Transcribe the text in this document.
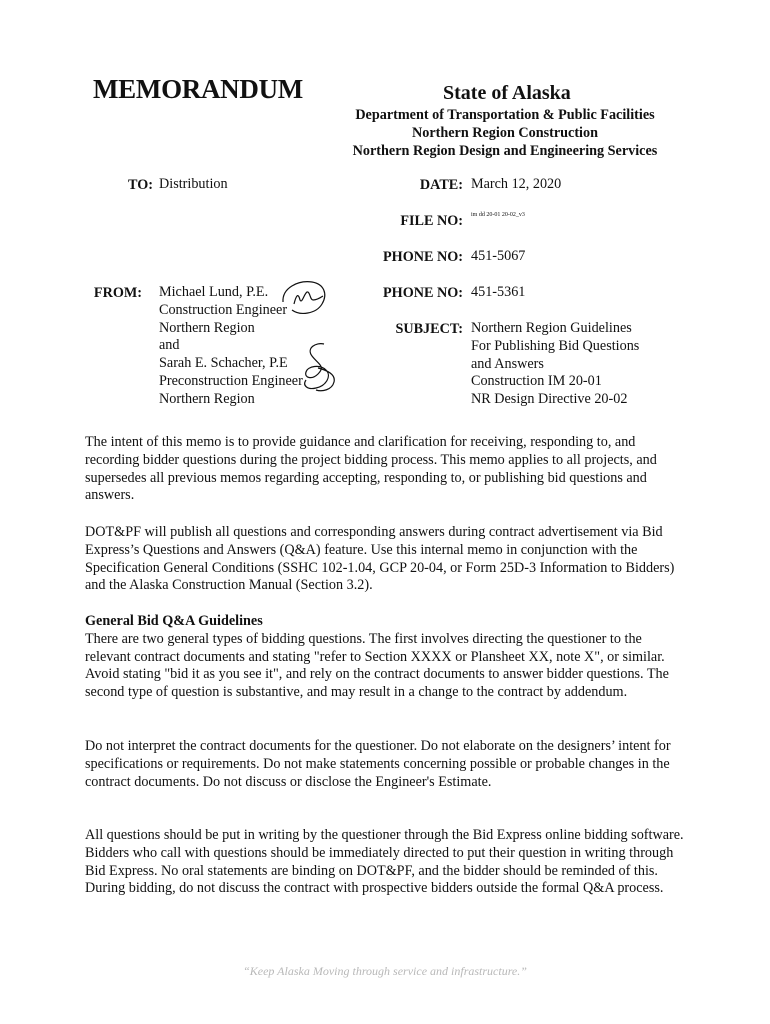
MEMORANDUM	State of Alaska
Department of Transportation & Public Facilities
Northern Region Construction
Northern Region Design and Engineering Services
TO: Distribution	DATE: March 12, 2020
FILE NO: im dd 20-01 20-02_v3
PHONE NO: 451-5067
FROM: Michael Lund, P.E.
Construction Engineer
Northern Region
and
Sarah E. Schacher, P.E
Preconstruction Engineer
Northern Region
PHONE NO: 451-5361
SUBJECT: Northern Region Guidelines
For Publishing Bid Questions
and Answers
Construction IM 20-01
NR Design Directive 20-02

The intent of this memo is to provide guidance and clarification for receiving, responding to, and recording bidder questions during the project bidding process. This memo applies to all projects, and supersedes all previous memos regarding accepting, responding to, or publishing bid questions and answers.

DOT&PF will publish all questions and corresponding answers during contract advertisement via Bid Express’s Questions and Answers (Q&A) feature. Use this internal memo in conjunction with the Specification General Conditions (SSHC 102-1.04, GCP 20-04, or Form 25D-3 Information to Bidders) and the Alaska Construction Manual (Section 3.2).

General Bid Q&A Guidelines

There are two general types of bidding questions. The first involves directing the questioner to the relevant contract documents and stating "refer to Section XXXX or Plansheet XX, note X", or similar. Avoid stating "bid it as you see it", and rely on the contract documents to answer bidder questions. The second type of question is substantive, and may result in a change to the contract by addendum.

Do not interpret the contract documents for the questioner. Do not elaborate on the designers’ intent for specifications or requirements. Do not make statements concerning possible or probable changes in the contract documents. Do not discuss or disclose the Engineer's Estimate.

All questions should be put in writing by the questioner through the Bid Express online bidding software. Bidders who call with questions should be immediately directed to put their question in writing through Bid Express. No oral statements are binding on DOT&PF, and the bidder should be reminded of this. During bidding, do not discuss the contract with prospective bidders outside the formal Q&A process.

“Keep Alaska Moving through service and infrastructure.”
